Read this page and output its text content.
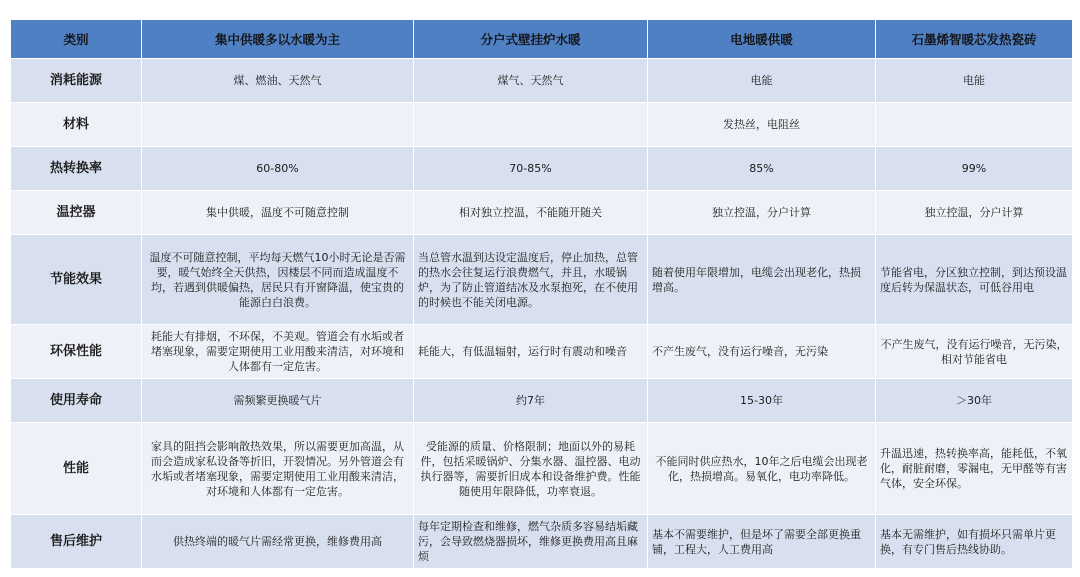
类别	集中供暖多以水暖为主	分户式壁挂炉水暖	电地暖供暖	石墨烯智暖芯发热瓷砖
消耗能源	煤、燃油、天然气	煤气、天然气	电能	电能
材料			发热丝，电阻丝	
热转换率	60-80%	70-85%	85%	99%
温控器	集中供暖，温度不可随意控制	相对独立控温，不能随开随关	独立控温，分户计算	独立控温，分户计算
节能效果	温度不可随意控制，平均每天燃气10小时无论是否需要，暖气始终全天供热，因楼层不同而造成温度不均，若遇到供暖偏热，居民只有开窗降温，使宝贵的能源白白浪费。	当总管水温到达设定温度后，停止加热，总管的热水会往复运行浪费燃气，并且，水暖锅炉，为了防止管道结冰及水泵抱死，在不使用的时候也不能关闭电源。	随着使用年限增加，电缆会出现老化，热损增高。	节能省电，分区独立控制，到达预设温度后转为保温状态，可低谷用电
环保性能	耗能大有排烟，不环保，不美观。管道会有水垢或者堵塞现象，需要定期使用工业用酸来清洁，对环境和人体都有一定危害。	耗能大，有低温辐射，运行时有震动和噪音	不产生废气，没有运行噪音，无污染	不产生废气，没有运行噪音，无污染，相对节能省电
使用寿命	需频繁更换暖气片	约7年	15-30年	＞30年
性能	家具的阻挡会影响散热效果，所以需要更加高温，从而会造成家私设备等折旧，开裂情况。另外管道会有水垢或者堵塞现象，需要定期使用工业用酸来清洁，对环境和人体都有一定危害。	受能源的质量、价格限制；地面以外的易耗件，包括采暖锅炉、分集水器、温控器、电动执行器等，需要折旧成本和设备维护费。性能随使用年限降低，功率衰退。	不能同时供应热水，10年之后电缆会出现老化，热损增高。易氧化，电功率降低。	升温迅速，热转换率高，能耗低，不氧化，耐脏耐磨，零漏电，无甲醛等有害气体，安全环保。
售后维护	供热终端的暖气片需经常更换，维修费用高	每年定期检查和维修，燃气杂质多容易结垢藏污，会导致燃烧器损坏，维修更换费用高且麻烦	基本不需要维护，但是坏了需要全部更换重铺，工程大，人工费用高	基本无需维护，如有损坏只需单片更换，有专门售后热线协助。
